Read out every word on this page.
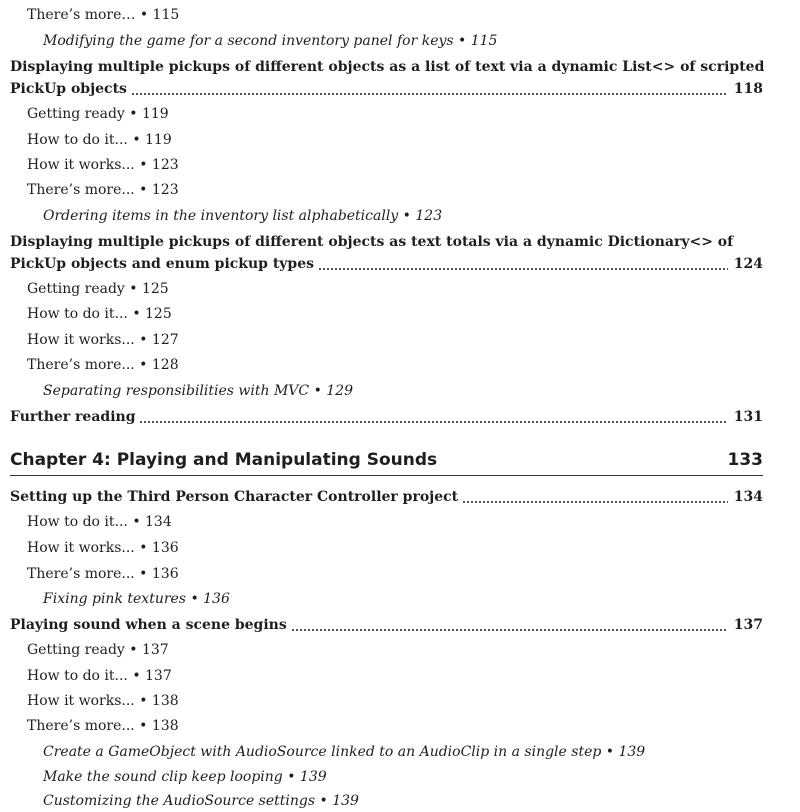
There’s more… • 115
Modifying the game for a second inventory panel for keys • 115
Displaying multiple pickups of different objects as a list of text via a dynamic List<> of scripted
PickUp objects	118
Getting ready • 119
How to do it... • 119
How it works... • 123
There’s more... • 123
Ordering items in the inventory list alphabetically • 123
Displaying multiple pickups of different objects as text totals via a dynamic Dictionary<> of
PickUp objects and enum pickup types	124
Getting ready • 125
How to do it... • 125
How it works... • 127
There’s more... • 128
Separating responsibilities with MVC • 129
Further reading	131
Chapter 4: Playing and Manipulating Sounds	133
Setting up the Third Person Character Controller project	134
How to do it... • 134
How it works... • 136
There’s more... • 136
Fixing pink textures • 136
Playing sound when a scene begins	137
Getting ready • 137
How to do it... • 137
How it works... • 138
There’s more... • 138
Create a GameObject with AudioSource linked to an AudioClip in a single step • 139
Make the sound clip keep looping • 139
Customizing the AudioSource settings • 139
